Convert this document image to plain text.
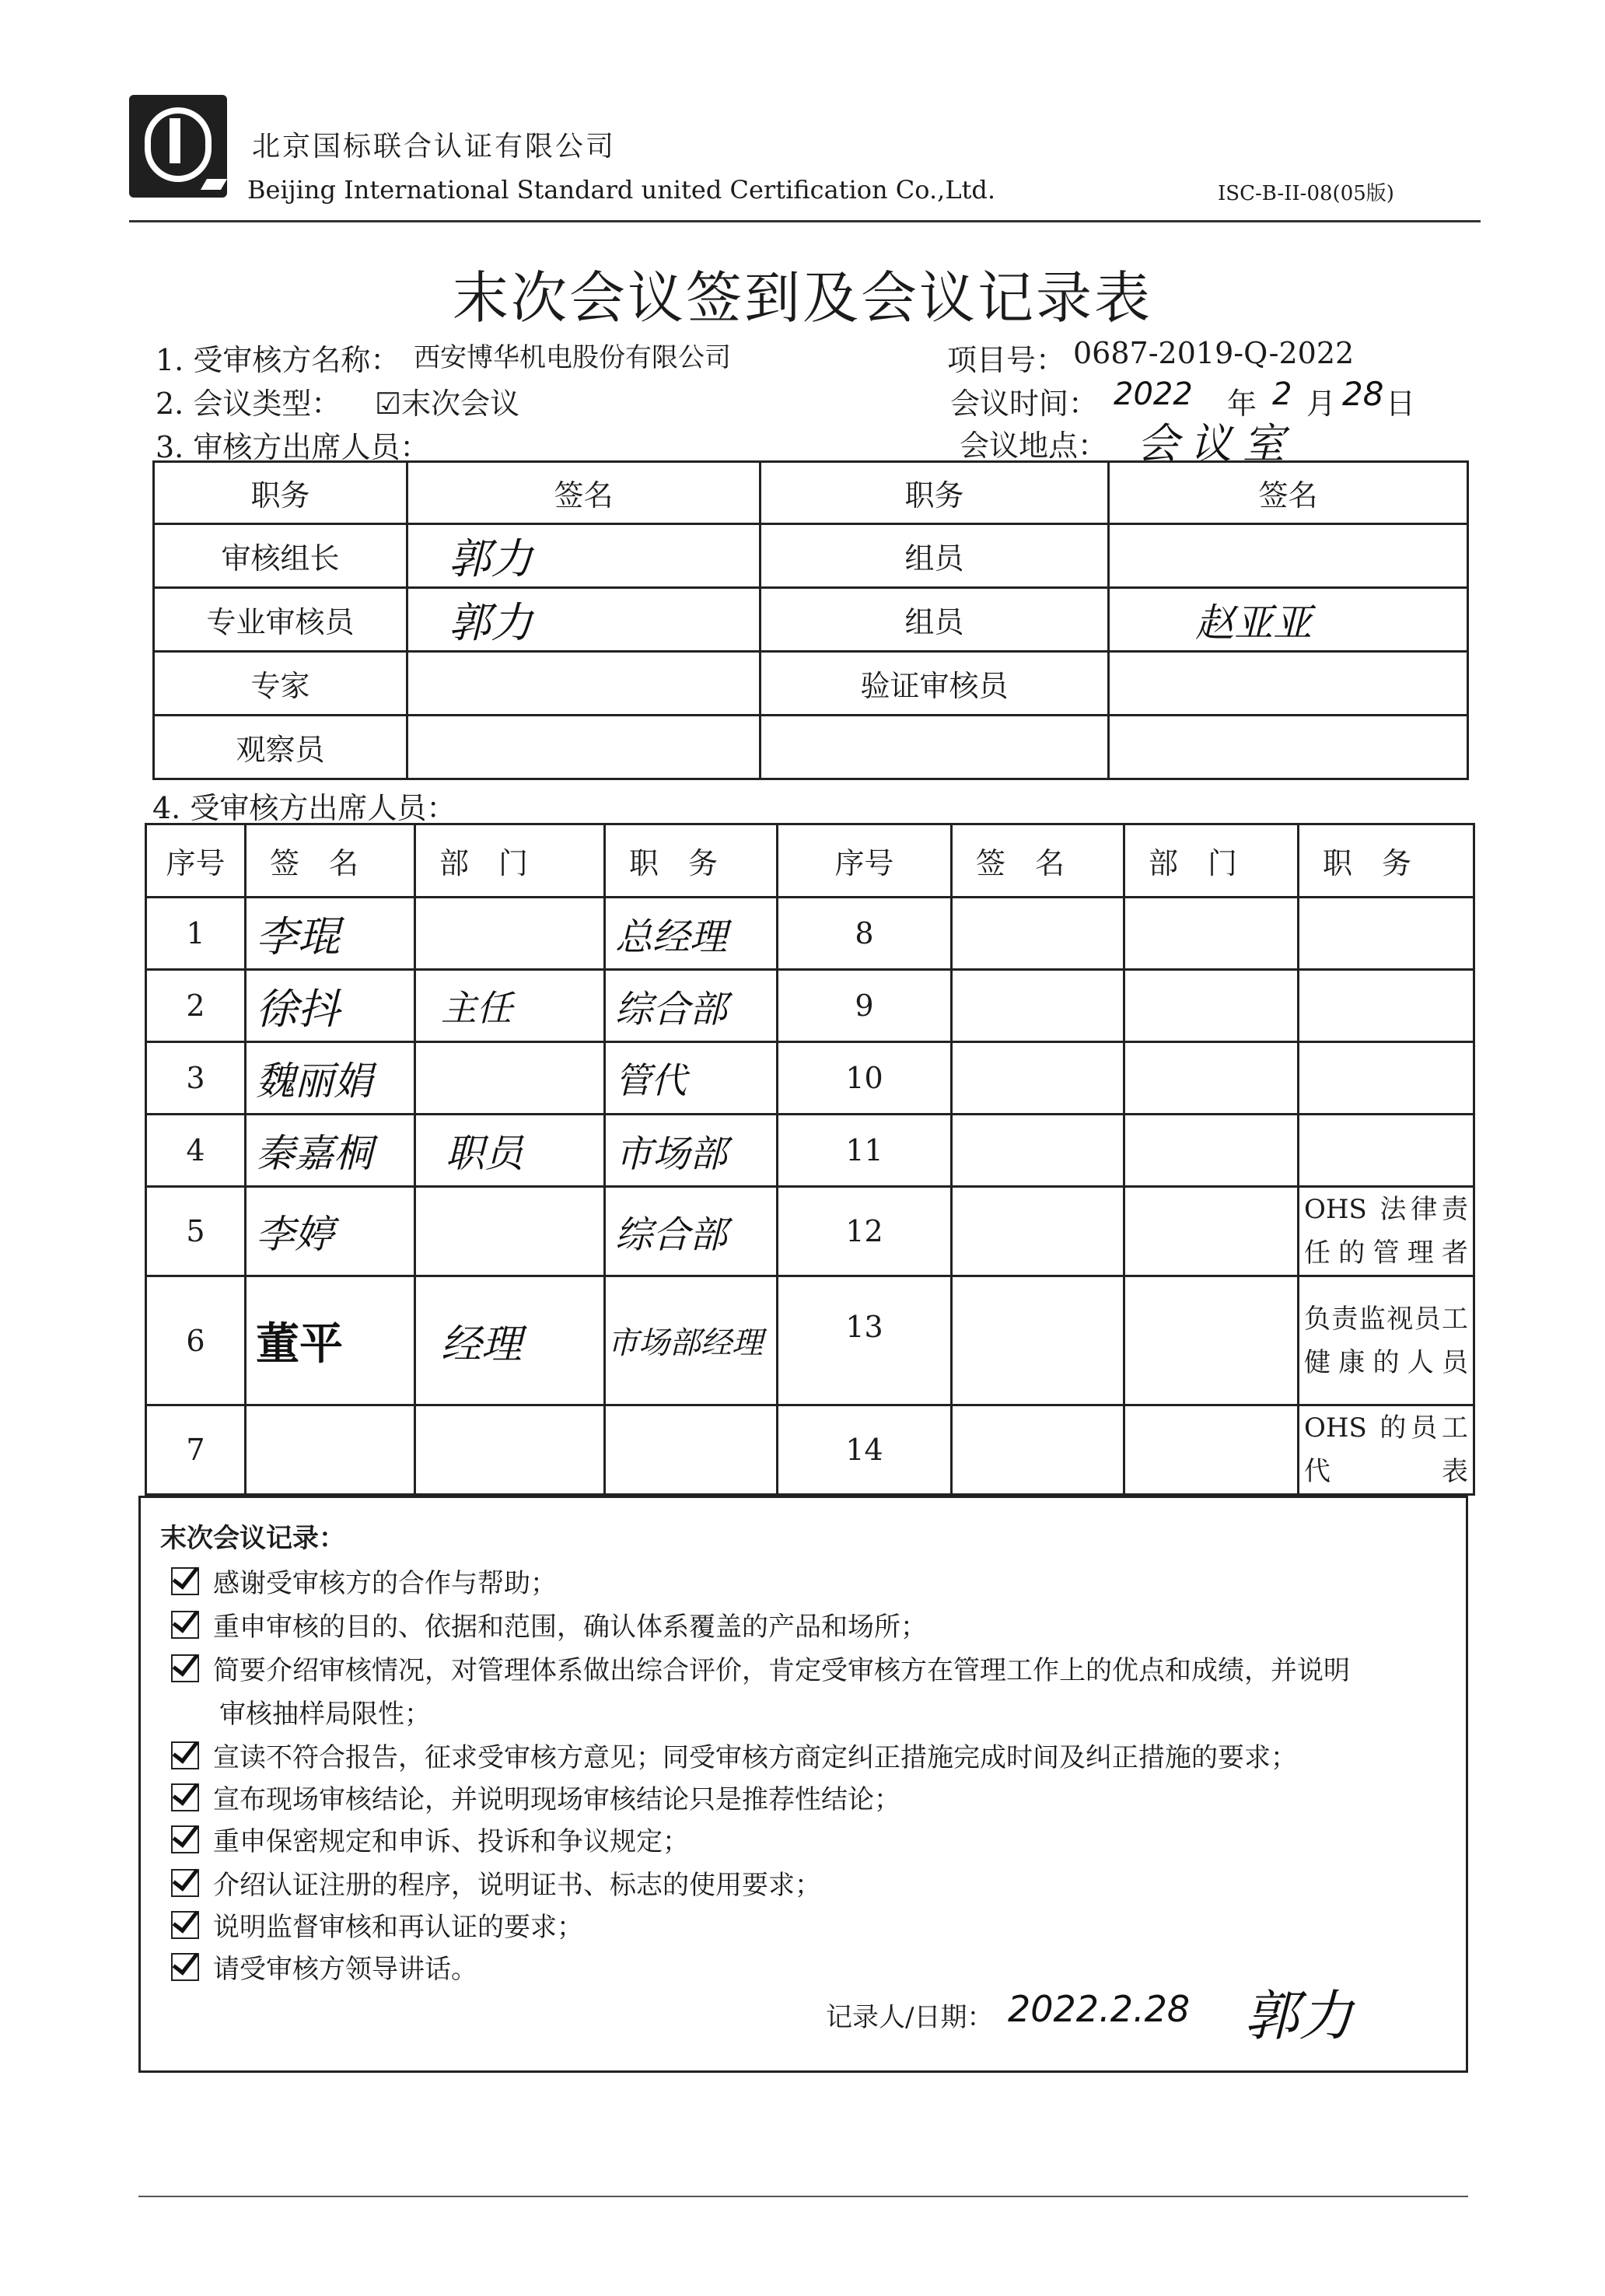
北京国标联合认证有限公司
Beijing International Standard united Certification Co.,Ltd.	ISC-B-II-08(05版)
末次会议签到及会议记录表
1. 受审核方名称： 西安博华机电股份有限公司	项目号： 0687-2019-Q-2022
2. 会议类型： ☑末次会议	会议时间： 2022 年 2 月 28 日
3. 审核方出席人员：	会议地点： 会议室
职务	签名	职务	签名
审核组长	郭力	组员	
专业审核员	郭力	组员	赵亚亚
专家		验证审核员	
观察员			
4. 受审核方出席人员：
序号	签　名	部　门	职　务	序号	签　名	部　门	职　务

1	李琨		总经理	8			
2	徐抖	主任	综合部	9			
3	魏丽娟		管代	10			
4	秦嘉桐	职员	市场部	11			
5	李婷		综合部	12			OHS 法律责任的管理者
6	董平	经理	市场部经理	13			负责监视员工健康的人员
7				14			OHS 的员工代表
末次会议记录：
感谢受审核方的合作与帮助；
重申审核的目的、依据和范围，确认体系覆盖的产品和场所；
简要介绍审核情况，对管理体系做出综合评价，肯定受审核方在管理工作上的优点和成绩，并说明
审核抽样局限性；
宣读不符合报告，征求受审核方意见；同受审核方商定纠正措施完成时间及纠正措施的要求；
宣布现场审核结论，并说明现场审核结论只是推荐性结论；
重申保密规定和申诉、投诉和争议规定；
介绍认证注册的程序，说明证书、标志的使用要求；
说明监督审核和再认证的要求；
请受审核方领导讲话。
记录人/日期： 2022.2.28 郭力
